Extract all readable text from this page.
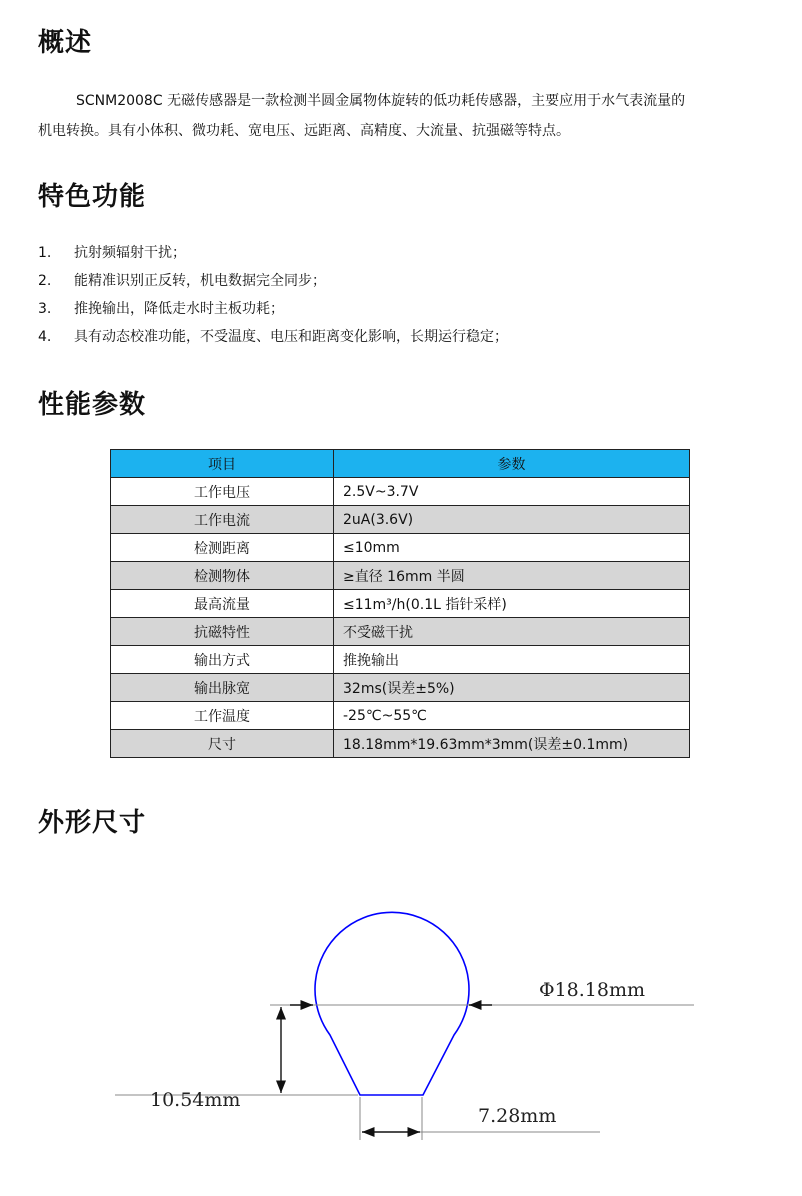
概述

SCNM2008C 无磁传感器是一款检测半圆金属物体旋转的低功耗传感器，主要应用于水气表流量的
机电转换。具有小体积、微功耗、宽电压、远距离、高精度、大流量、抗强磁等特点。

特色功能
1.	抗射频辐射干扰；
2.	能精准识别正反转，机电数据完全同步；
3.	推挽输出，降低走水时主板功耗；
4.	具有动态校准功能，不受温度、电压和距离变化影响，长期运行稳定；
性能参数
项目	参数
工作电压	2.5V~3.7V
工作电流	2uA(3.6V)
检测距离	≤10mm
检测物体	≥直径 16mm 半圆
最高流量	≤11m³/h(0.1L 指针采样)
抗磁特性	不受磁干扰
输出方式	推挽输出
输出脉宽	32ms(误差±5%)
工作温度	-25℃~55℃
尺寸	18.18mm*19.63mm*3mm(误差±0.1mm)
外形尺寸
Φ18.18mm
10.54mm
7.28mm
